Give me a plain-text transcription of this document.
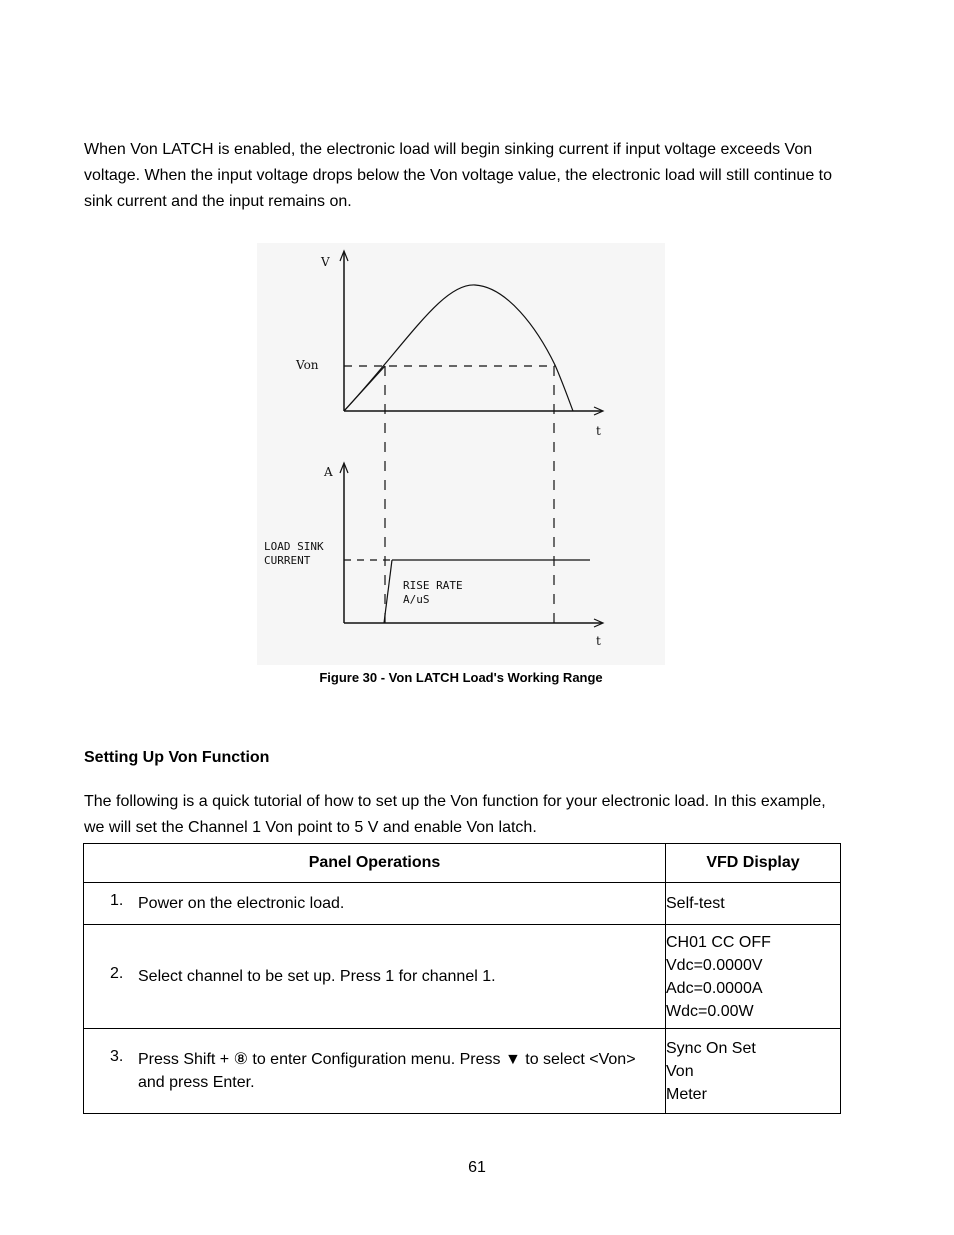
When Von LATCH is enabled, the electronic load will begin sinking current if input voltage exceeds Von voltage. When the input voltage drops below the Von voltage value, the electronic load will still continue to sink current and the input remains on.

V
Von
t
A
LOAD SINK
CURRENT
RISE RATE
A/uS
t

Figure 30 - Von LATCH Load's Working Range

Setting Up Von Function

The following is a quick tutorial of how to set up the Von function for your electronic load. In this example, we will set the Channel 1 Von point to 5 V and enable Von latch.

Panel Operations	VFD Display

1. Power on the electronic load.	Self-test

2. Select channel to be set up. Press 1 for channel 1.	CH01 CC OFF
Vdc=0.0000V
Adc=0.0000A
Wdc=0.00W

3. Press Shift + ⑧ to enter Configuration menu. Press ▼ to select <Von> and press Enter.	Sync On Set
Von
Meter

61
